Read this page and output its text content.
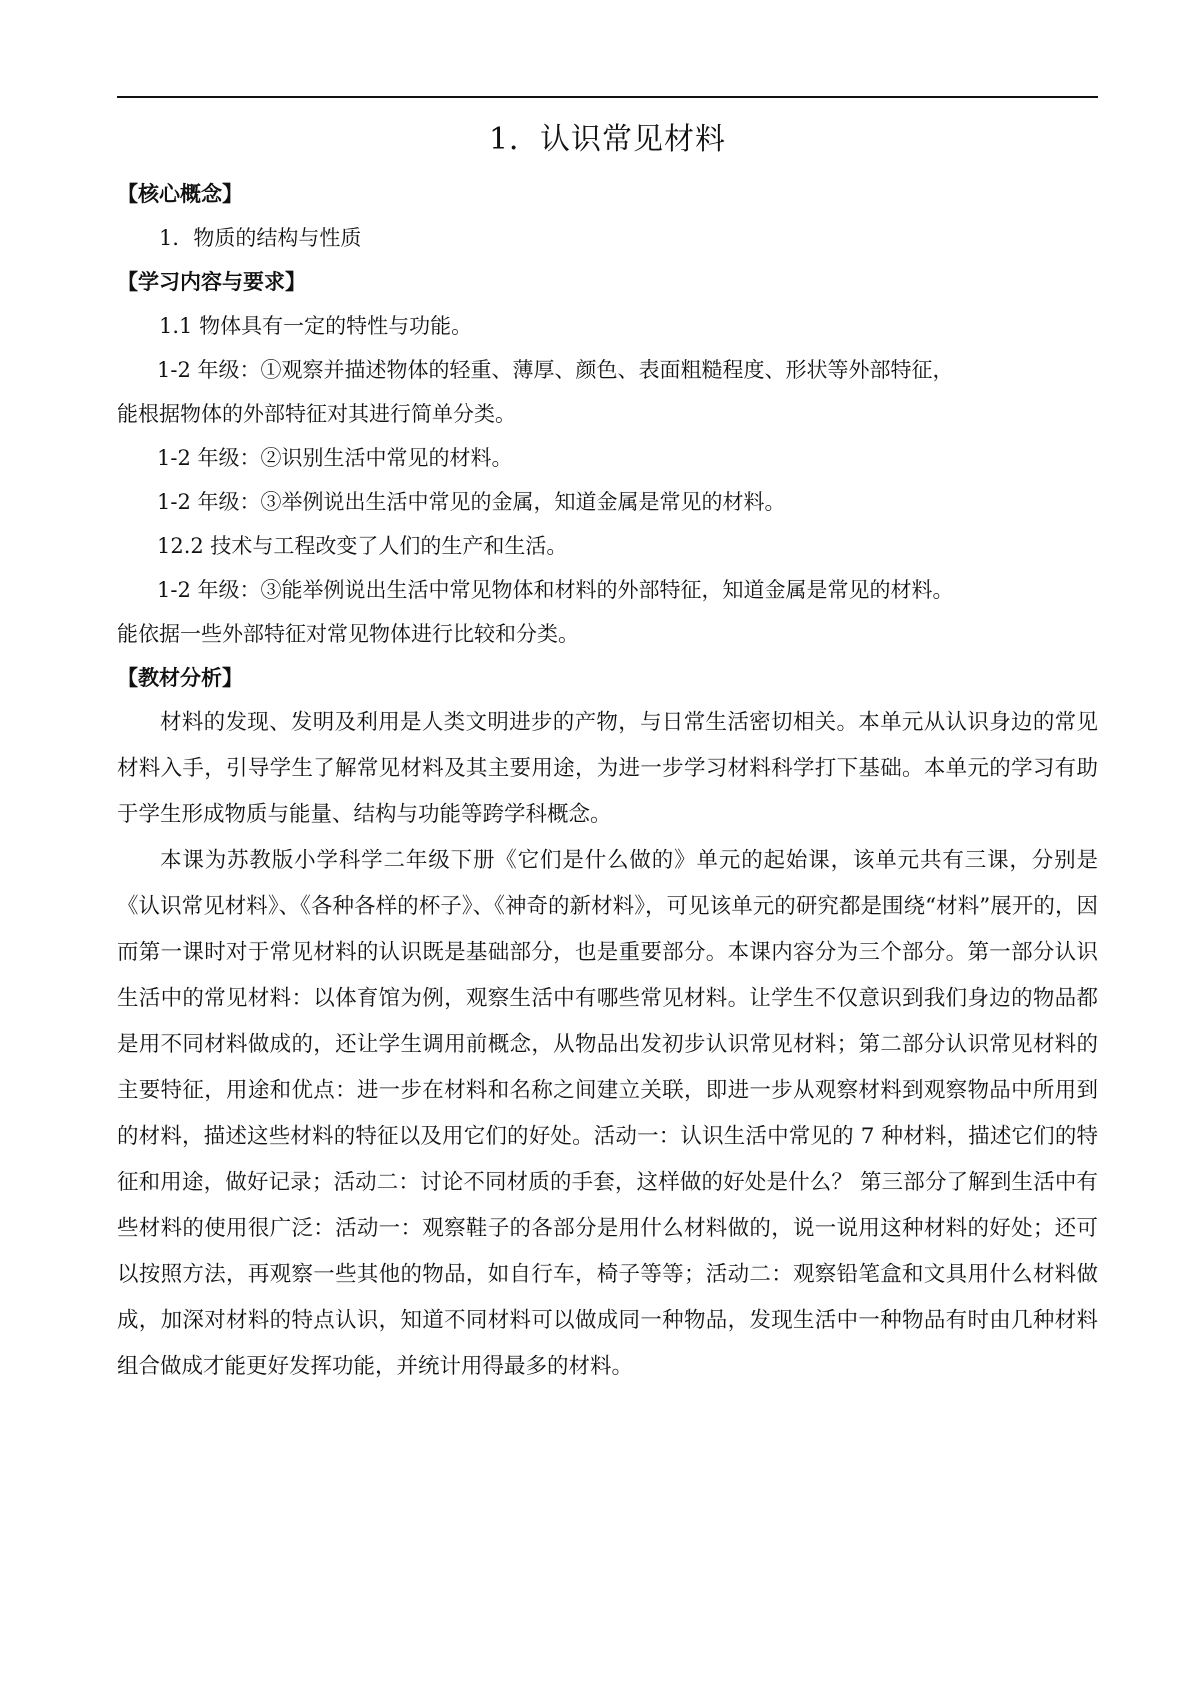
1．认识常见材料
【核心概念】
1．物质的结构与性质
【学习内容与要求】
1.1 物体具有一定的特性与功能。
1-2 年级：①观察并描述物体的轻重、薄厚、颜色、表面粗糙程度、形状等外部特征，
能根据物体的外部特征对其进行简单分类。
1-2 年级：②识别生活中常见的材料。
1-2 年级：③举例说出生活中常见的金属，知道金属是常见的材料。
12.2 技术与工程改变了人们的生产和生活。
1-2 年级：③能举例说出生活中常见物体和材料的外部特征，知道金属是常见的材料。
能依据一些外部特征对常见物体进行比较和分类。
【教材分析】

材料的发现、发明及利用是人类文明进步的产物，与日常生活密切相关。本单元从认识身边的常见材料入手，引导学生了解常见材料及其主要用途，为进一步学习材料科学打下基础。本单元的学习有助于学生形成物质与能量、结构与功能等跨学科概念。

本课为苏教版小学科学二年级下册《它们是什么做的》单元的起始课，该单元共有三课，分别是《认识常见材料》、《各种各样的杯子》、《神奇的新材料》，可见该单元的研究都是围绕“材料”展开的，因而第一课时对于常见材料的认识既是基础部分，也是重要部分。本课内容分为三个部分。第一部分认识生活中的常见材料：以体育馆为例，观察生活中有哪些常见材料。让学生不仅意识到我们身边的物品都是用不同材料做成的，还让学生调用前概念，从物品出发初步认识常见材料；第二部分认识常见材料的主要特征，用途和优点：进一步在材料和名称之间建立关联，即进一步从观察材料到观察物品中所用到的材料，描述这些材料的特征以及用它们的好处。活动一：认识生活中常见的 7 种材料，描述它们的特征和用途，做好记录；活动二：讨论不同材质的手套，这样做的好处是什么？ 第三部分了解到生活中有些材料的使用很广泛：活动一：观察鞋子的各部分是用什么材料做的，说一说用这种材料的好处；还可以按照方法，再观察一些其他的物品，如自行车，椅子等等；活动二：观察铅笔盒和文具用什么材料做成，加深对材料的特点认识，知道不同材料可以做成同一种物品，发现生活中一种物品有时由几种材料组合做成才能更好发挥功能，并统计用得最多的材料。
